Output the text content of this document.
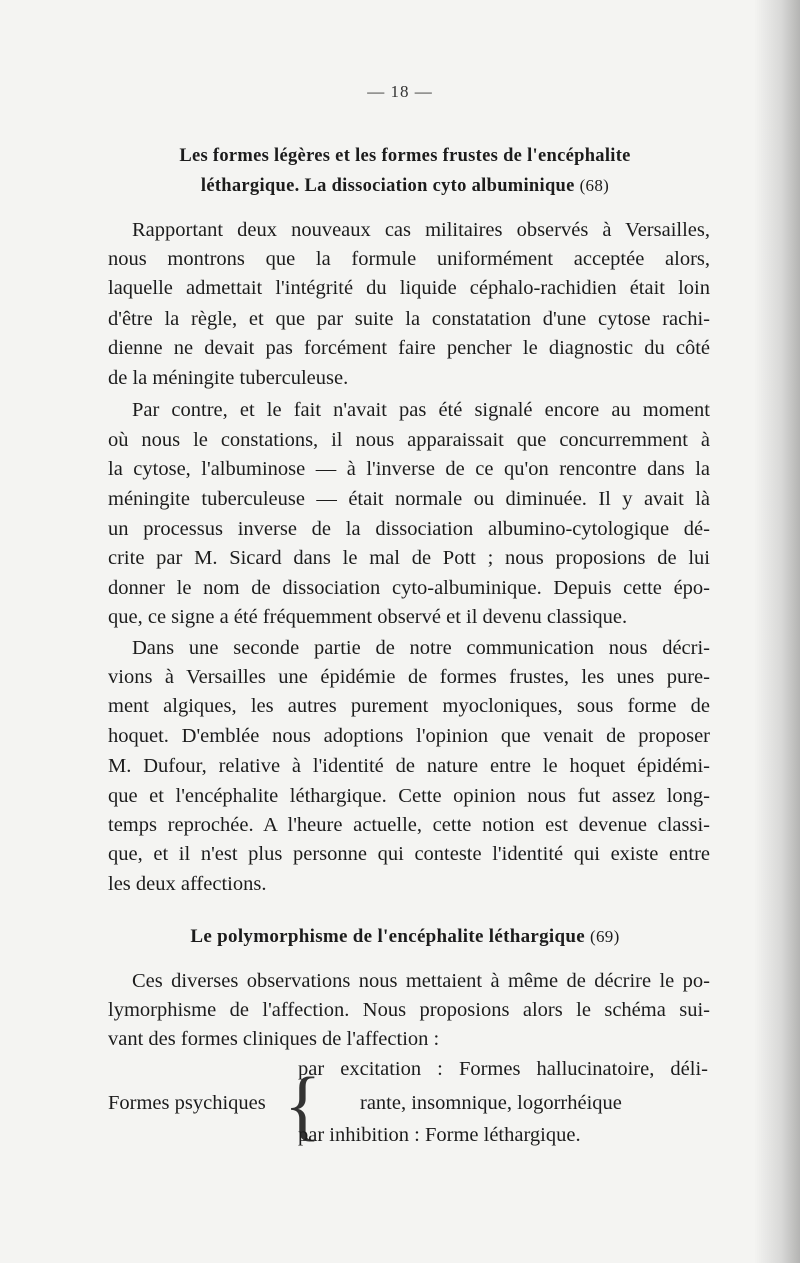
— 18 —
Les formes légères et les formes frustes de l'encéphalite
léthargique. La dissociation cyto albuminique (68)
Rapportant deux nouveaux cas militaires observés à Versailles,
nous montrons que la formule uniformément acceptée alors,
laquelle admettait l'intégrité du liquide céphalo-rachidien était loin
d'être la règle, et que par suite la constatation d'une cytose rachi-
dienne ne devait pas forcément faire pencher le diagnostic du côté
de la méningite tuberculeuse.
Par contre, et le fait n'avait pas été signalé encore au moment
où nous le constations, il nous apparaissait que concurremment à
la cytose, l'albuminose — à l'inverse de ce qu'on rencontre dans la
méningite tuberculeuse — était normale ou diminuée. Il y avait là
un processus inverse de la dissociation albumino-cytologique dé-
crite par M. Sicard dans le mal de Pott ; nous proposions de lui
donner le nom de dissociation cyto-albuminique. Depuis cette épo-
que, ce signe a été fréquemment observé et il devenu classique.
Dans une seconde partie de notre communication nous décri-
vions à Versailles une épidémie de formes frustes, les unes pure-
ment algiques, les autres purement myocloniques, sous forme de
hoquet. D'emblée nous adoptions l'opinion que venait de proposer
M. Dufour, relative à l'identité de nature entre le hoquet épidémi-
que et l'encéphalite léthargique. Cette opinion nous fut assez long-
temps reprochée. A l'heure actuelle, cette notion est devenue classi-
que, et il n'est plus personne qui conteste l'identité qui existe entre
les deux affections.
Le polymorphisme de l'encéphalite léthargique (69)
Ces diverses observations nous mettaient à même de décrire le po-
lymorphisme de l'affection. Nous proposions alors le schéma sui-
vant des formes cliniques de l'affection :
Formes psychiques {
par excitation : Formes hallucinatoire, déli-
rante, insomnique, logorrhéique
par inhibition : Forme léthargique.
